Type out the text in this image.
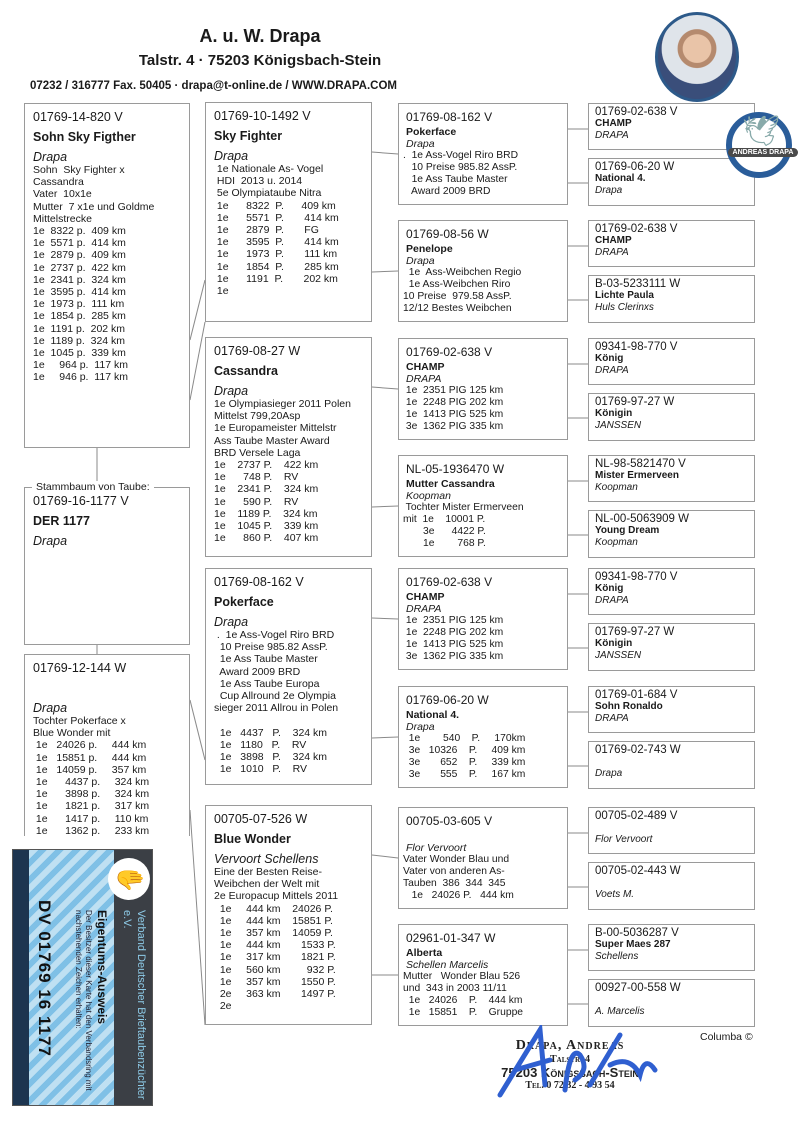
A. u. W. Drapa
Talstr. 4 · 75203 Königsbach-Stein
07232 / 316777 Fax. 50405 · drapa@t-online.de / WWW.DRAPA.COM
01769-14-820 V
Sohn Sky Figther
Drapa
Sohn  Sky Fighter x
Cassandra
Vater  10x1e
Mutter  7 x1e und Goldme
Mittelstrecke
1e  8322 p.  409 km
1e  5571 p.  414 km
1e  2879 p.  409 km
1e  2737 p.  422 km
1e  2341 p.  324 km
1e  3595 p.  414 km
1e  1973 p.  111 km
1e  1854 p.  285 km
1e  1191 p.  202 km
1e  1189 p.  324 km
1e  1045 p.  339 km
1e     964 p.  117 km
1e     946 p.  117 km
01769-16-1177 V
DER 1177
Drapa
01769-12-144 W
Drapa
Tochter Pokerface x
Blue Wonder mit
1e   24026 p.     444 km
1e   15851 p.     444 km
1e   14059 p.     357 km
1e      4437 p.     324 km
1e      3898 p.     324 km
1e      1821 p.     317 km
1e      1417 p.     110 km
1e      1362 p.     233 km
01769-10-1492 V
Sky Fighter
Drapa
1e Nationale As- Vogel
HDI  2013 u. 2014
5e Olympiataube Nitra
1e      8322  P.      409 km
1e      5571  P.       414 km
1e      2879  P.       FG
1e      3595  P.       414 km
1e      1973  P.       111 km
1e      1854  P.       285 km
1e      1191  P.       202 km
1e
01769-08-27 W
Cassandra
Drapa
1e Olympiasieger 2011 Polen
Mittelst 799,20Asp
1e Europameister Mittelstr
Ass Taube Master Award
BRD Versele Laga
1e    2737 P.    422 km
1e      748 P.    RV
1e    2341 P.    324 km
1e      590 P.    RV
1e    1189 P.    324 km
1e    1045 P.    339 km
1e      860 P.    407 km
01769-08-162 V
Pokerface
Drapa
.  1e Ass-Vogel Riro BRD
10 Preise 985.82 AssP.
1e Ass Taube Master
Award 2009 BRD
1e Ass Taube Europa
Cup Allround 2e Olympia
sieger 2011 Allrou in Polen

1e   4437   P.    324 km
1e   1180   P.    RV
1e   3898   P.    324 km
1e   1010   P.    RV
00705-07-526 W
Blue Wonder
Vervoort Schellens
Eine der Besten Reise-
Weibchen der Welt mit
2e Europacup Mittels 2011
1e     444 km    24026 P.
1e     444 km    15851 P.
1e     357 km    14059 P.
1e     444 km       1533 P.
1e     317 km       1821 P.
1e     560 km         932 P.
1e     357 km       1550 P.
2e     363 km       1497 P.
2e
01769-08-162 V
Pokerface
Drapa
.  1e Ass-Vogel Riro BRD
10 Preise 985.82 AssP.
1e Ass Taube Master
Award 2009 BRD
01769-08-56 W
Penelope
Drapa
1e  Ass-Weibchen Regio
1e Ass-Weibchen Riro
10 Preise  979.58 AssP.
12/12 Bestes Weibchen
01769-02-638 V
CHAMP
DRAPA
1e  2351 PIG 125 km
1e  2248 PIG 202 km
1e  1413 PIG 525 km
3e  1362 PIG 335 km
NL-05-1936470 W
Mutter Cassandra
Koopman
Tochter Mister Ermerveen
mit  1e    10001 P.
3e      4422 P.
1e        768 P.
01769-02-638 V
CHAMP
DRAPA
1e  2351 PIG 125 km
1e  2248 PIG 202 km
1e  1413 PIG 525 km
3e  1362 PIG 335 km
01769-06-20 W
National 4.
Drapa
1e        540    P.     170km
3e   10326    P.     409 km
3e       652    P.     339 km
3e       555    P.     167 km
00705-03-605 V
Flor Vervoort
Vater Wonder Blau und
Vater von anderen As-
Tauben  386  344  345
1e   24026 P.   444 km
02961-01-347 W
Alberta
Schellen Marcelis
Mutter   Wonder Blau 526
und  343 in 2003 11/11
1e   24026    P.    444 km
1e   15851    P.    Gruppe
01769-02-638 V
CHAMP
DRAPA
01769-06-20 W
National 4.
Drapa
01769-02-638 V
CHAMP
DRAPA
B-03-5233111 W
Lichte Paula
Huls Clerinxs
09341-98-770 V
König
DRAPA
01769-97-27 W
Königin
JANSSEN
NL-98-5821470 V
Mister Ermerveen
Koopman
NL-00-5063909 W
Young Dream
Koopman
09341-98-770 V
König
DRAPA
01769-97-27 W
Königin
JANSSEN
01769-01-684 V
Sohn Ronaldo
DRAPA
01769-02-743 W
Drapa
00705-02-489 V
Flor Vervoort
00705-02-443 W
Voets M.
B-00-5036287 V
Super Maes 287
Schellens
00927-00-558 W
A. Marcelis
Stammbaum von Taube:
🕊
ANDREAS DRAPA
Verband Deutscher Brieftaubenzüchter e.V.
✋
Eigentums-Ausweis
Der Besitzer dieser Karte hat den Verbandsring mit nachstehenden Zeichen erhalten:
DV 01769 16 1177	Columba ©
Drapa, Andreas
Talstr. 4
75203 Königsbach-Stein
Tel. 0 72 32 - 4 93 54
